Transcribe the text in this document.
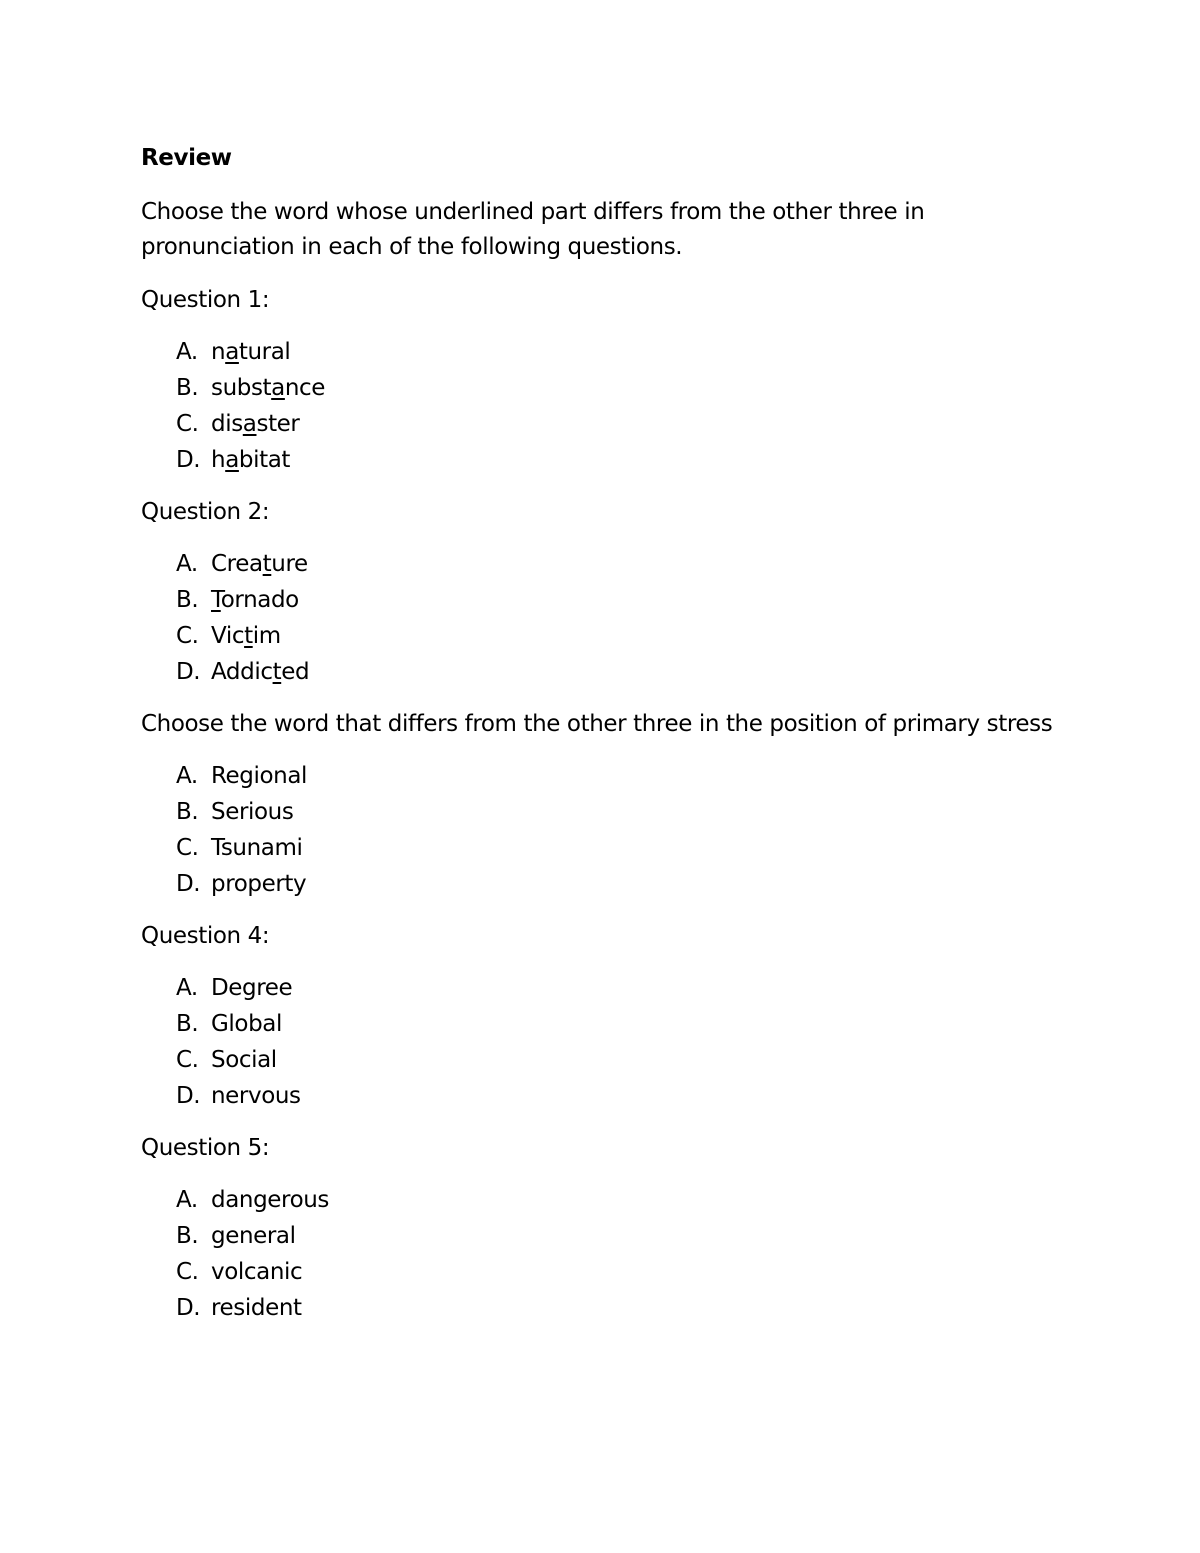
Review
Choose the word whose underlined part differs from the other three in
pronunciation in each of the following questions.
Question 1:
A. natural
B. substance
C. disaster
D. habitat
Question 2:
A. Creature
B. Tornado
C. Victim
D. Addicted
Choose the word that differs from the other three in the position of primary stress
A. Regional
B. Serious
C. Tsunami
D. property
Question 4:
A. Degree
B. Global
C. Social
D. nervous
Question 5:
A. dangerous
B. general
C. volcanic
D. resident
